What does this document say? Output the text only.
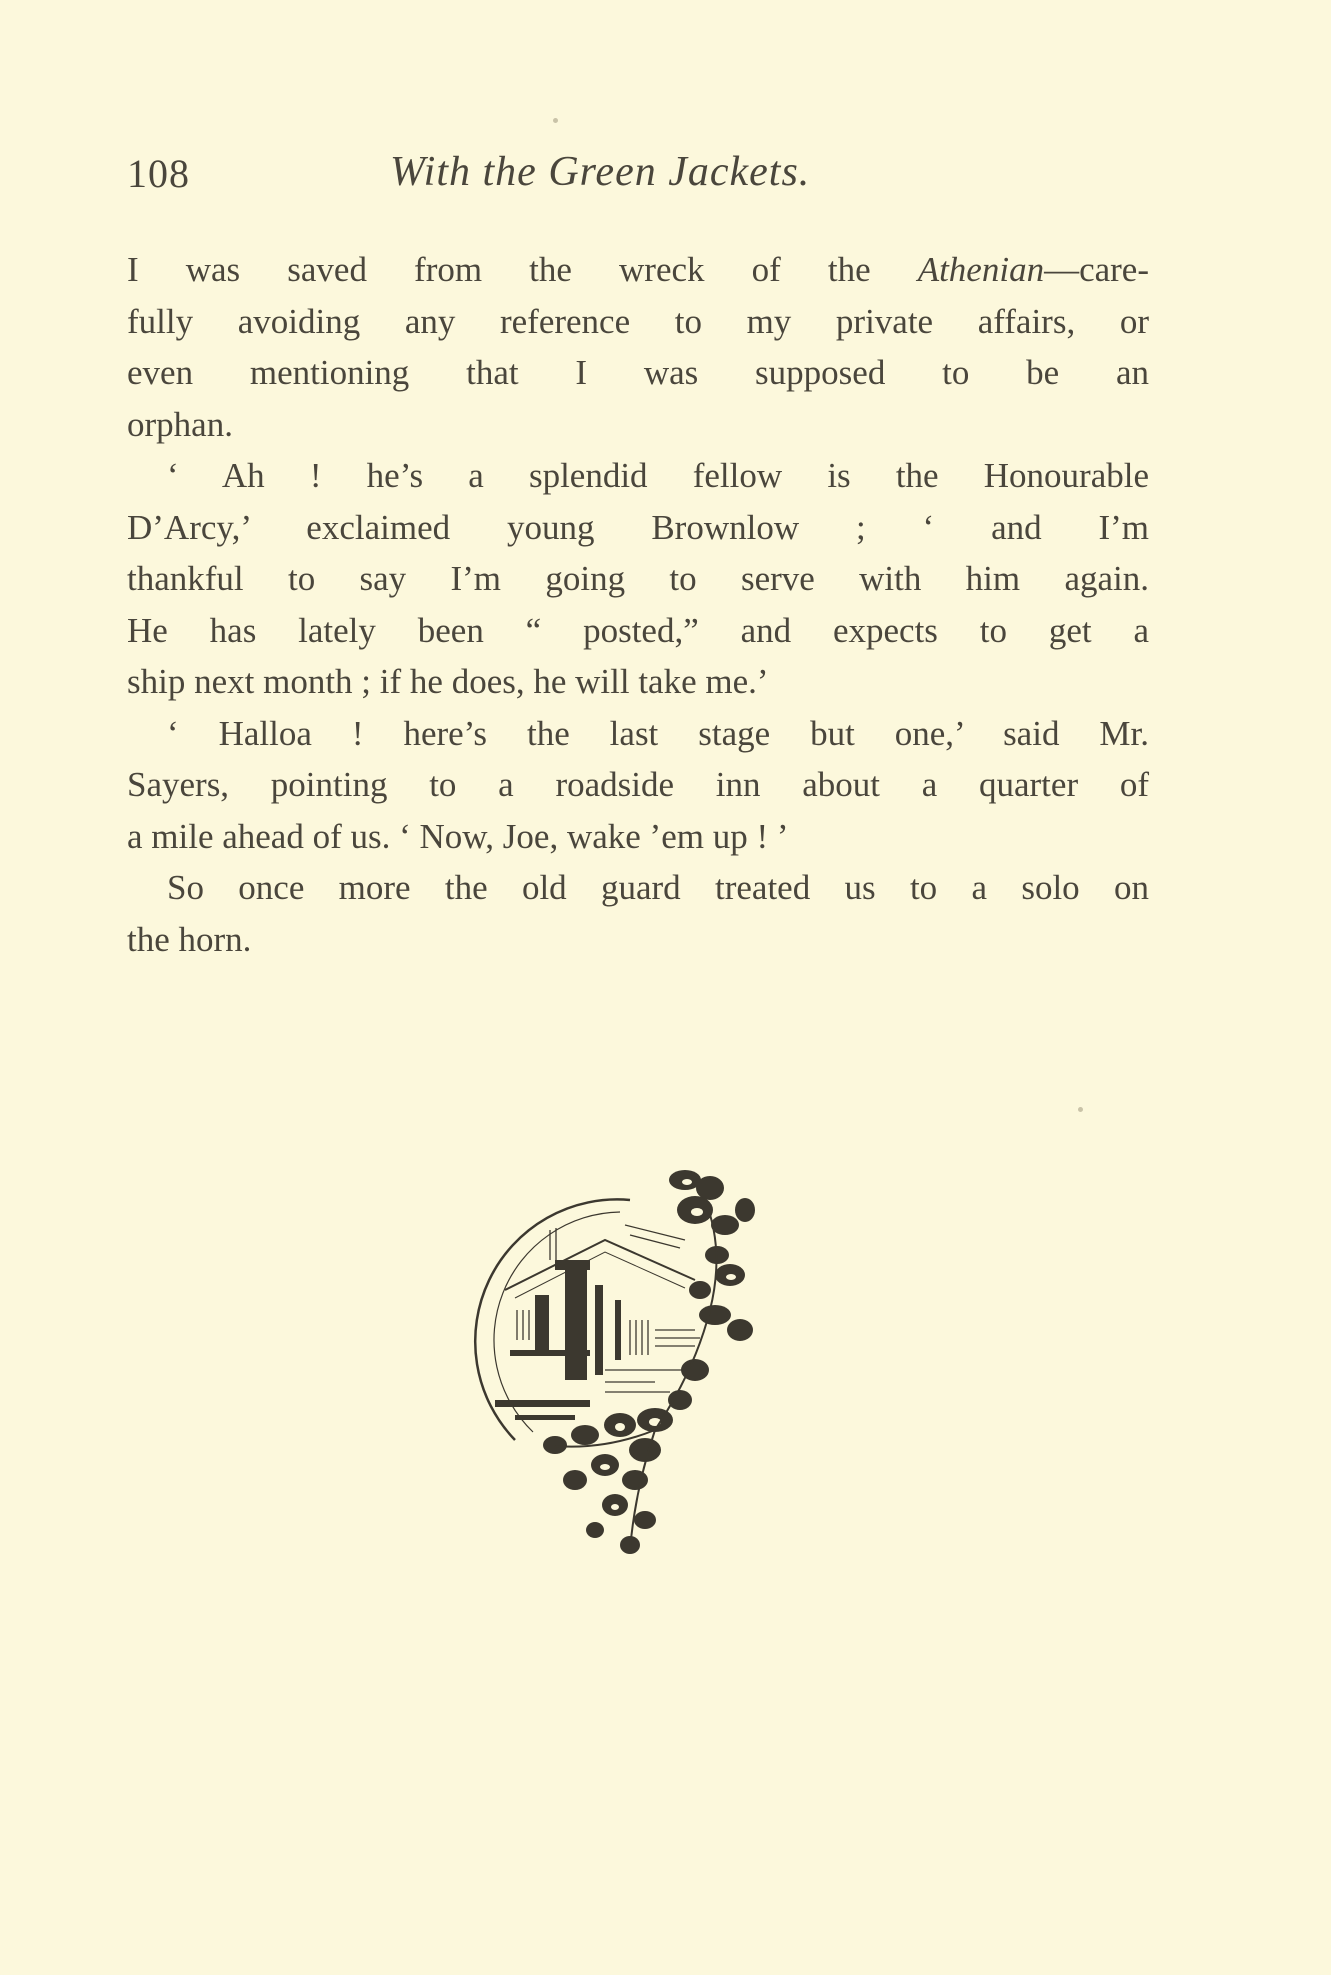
108	With the Green Jackets.
I was saved from the wreck of the Athenian—care-
fully avoiding any reference to my private affairs, or
even mentioning that I was supposed to be an
orphan.
‘ Ah ! he’s a splendid fellow is the Honourable
D’Arcy,’ exclaimed young Brownlow ; ‘ and I’m
thankful to say I’m going to serve with him again.
He has lately been “ posted,” and expects to get a
ship next month ; if he does, he will take me.’
‘ Halloa ! here’s the last stage but one,’ said Mr.
Sayers, pointing to a roadside inn about a quarter of
a mile ahead of us. ‘ Now, Joe, wake ’em up ! ’
So once more the old guard treated us to a solo on
the horn.
